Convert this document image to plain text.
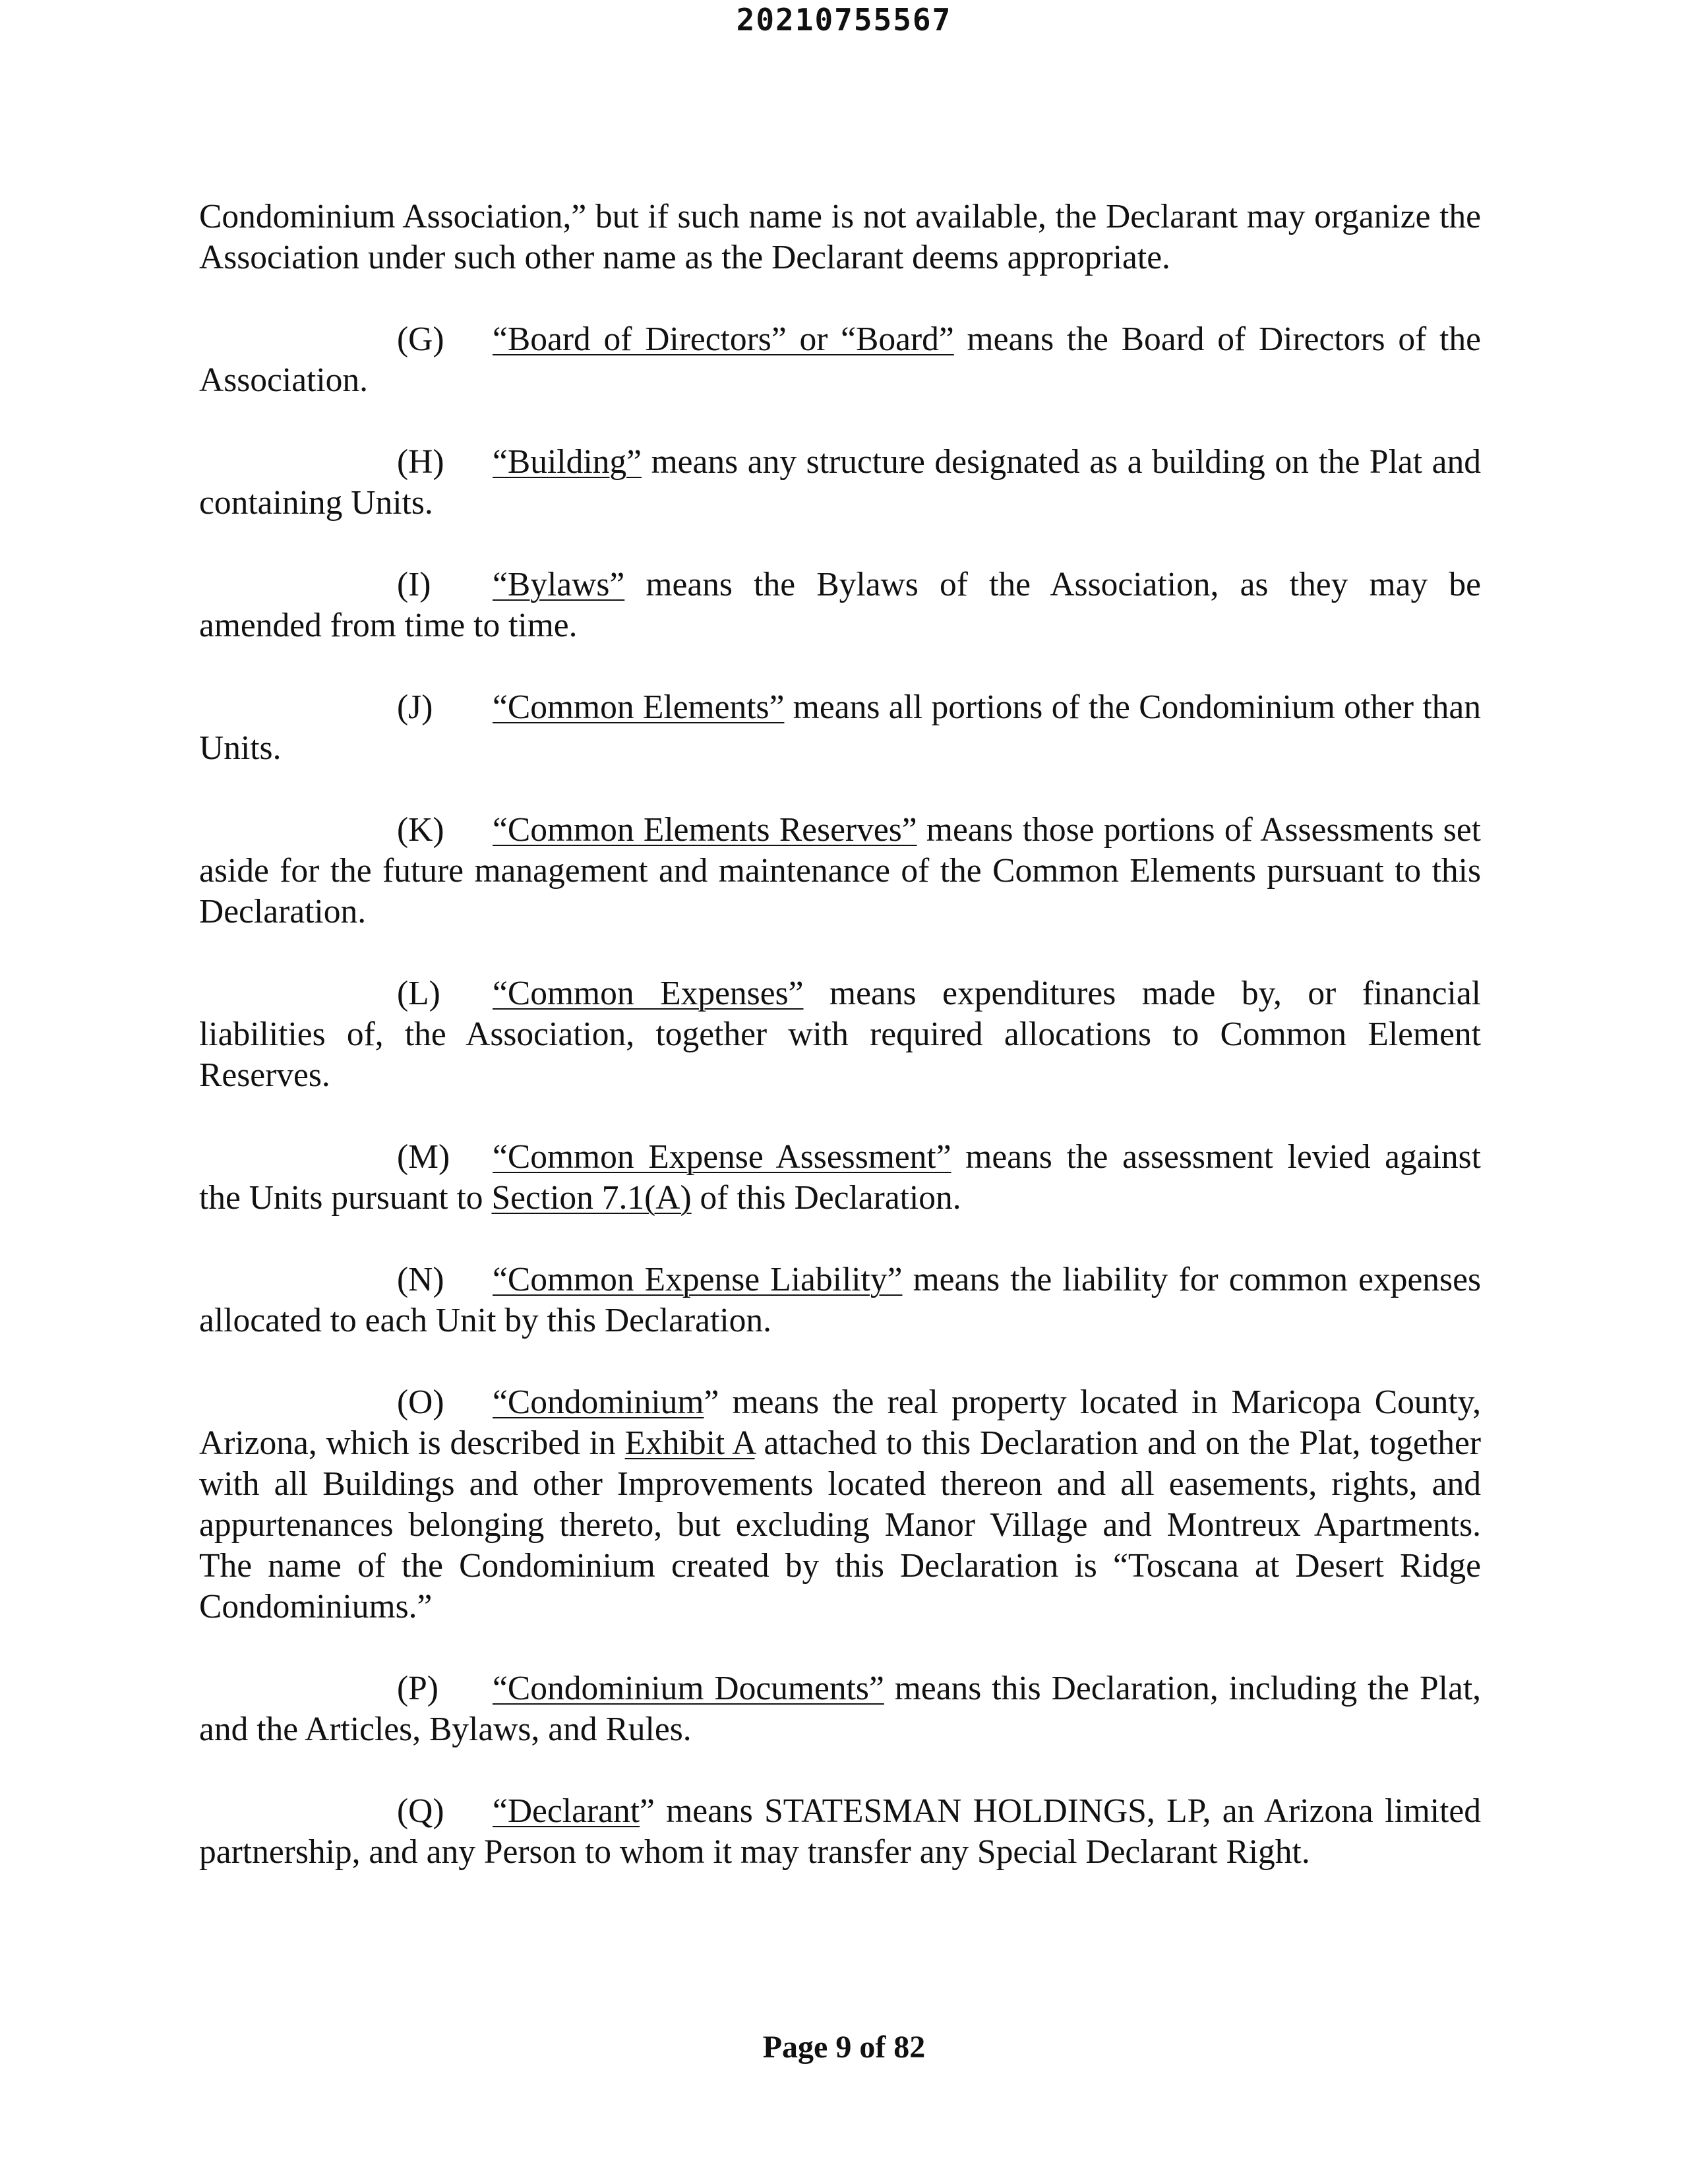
20210755567

Condominium Association,” but if such name is not available, the Declarant may organize the Association under such other name as the Declarant deems appropriate.

(G) “Board of Directors” or “Board” means the Board of Directors of the Association.

(H) “Building” means any structure designated as a building on the Plat and containing Units.

(I) “Bylaws” means the Bylaws of the Association, as they may be amended from time to time.

(J) “Common Elements” means all portions of the Condominium other than Units.

(K) “Common Elements Reserves” means those portions of Assessments set aside for the future management and maintenance of the Common Elements pursuant to this Declaration.

(L) “Common Expenses” means expenditures made by, or financial liabilities of, the Association, together with required allocations to Common Element Reserves.

(M) “Common Expense Assessment” means the assessment levied against the Units pursuant to Section 7.1(A) of this Declaration.

(N) “Common Expense Liability” means the liability for common expenses allocated to each Unit by this Declaration.

(O) “Condominium” means the real property located in Maricopa County, Arizona, which is described in Exhibit A attached to this Declaration and on the Plat, together with all Buildings and other Improvements located thereon and all easements, rights, and appurtenances belonging thereto, but excluding Manor Village and Montreux Apartments. The name of the Condominium created by this Declaration is “Toscana at Desert Ridge Condominiums.”

(P) “Condominium Documents” means this Declaration, including the Plat, and the Articles, Bylaws, and Rules.

(Q) “Declarant” means STATESMAN HOLDINGS, LP, an Arizona limited partnership, and any Person to whom it may transfer any Special Declarant Right.

Page 9 of 82
